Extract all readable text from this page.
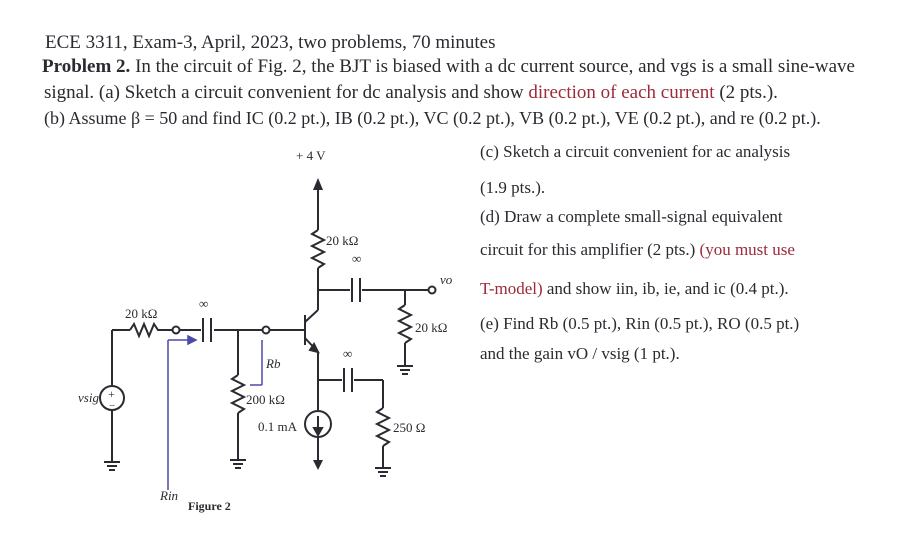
ECE 3311, Exam-3, April, 2023, two problems, 70 minutes
Problem 2. In the circuit of Fig. 2, the BJT is biased with a dc current source, and vgs is a small sine-wave
signal. (a) Sketch a circuit convenient for dc analysis and show direction of each current (2 pts.).
(b) Assume β = 50 and find IC (0.2 pt.), IB (0.2 pt.), VC (0.2 pt.), VB (0.2 pt.), VE (0.2 pt.), and re (0.2 pt.).
(c) Sketch a circuit convenient for ac analysis
(1.9 pts.).
(d) Draw a complete small-signal equivalent
circuit for this amplifier (2 pts.) (you must use
T-model) and show iin, ib, ie, and ic (0.4 pt.).
(e) Find Rb (0.5 pt.), Rin (0.5 pt.), RO (0.5 pt.)
and the gain vO / vsig (1 pt.).
+
−
+ 4 V
20 kΩ
∞
vo
20 kΩ
∞
20 kΩ
∞
Rb
200 kΩ
0.1 mA	250 Ω
vsig
Rin
Figure 2
